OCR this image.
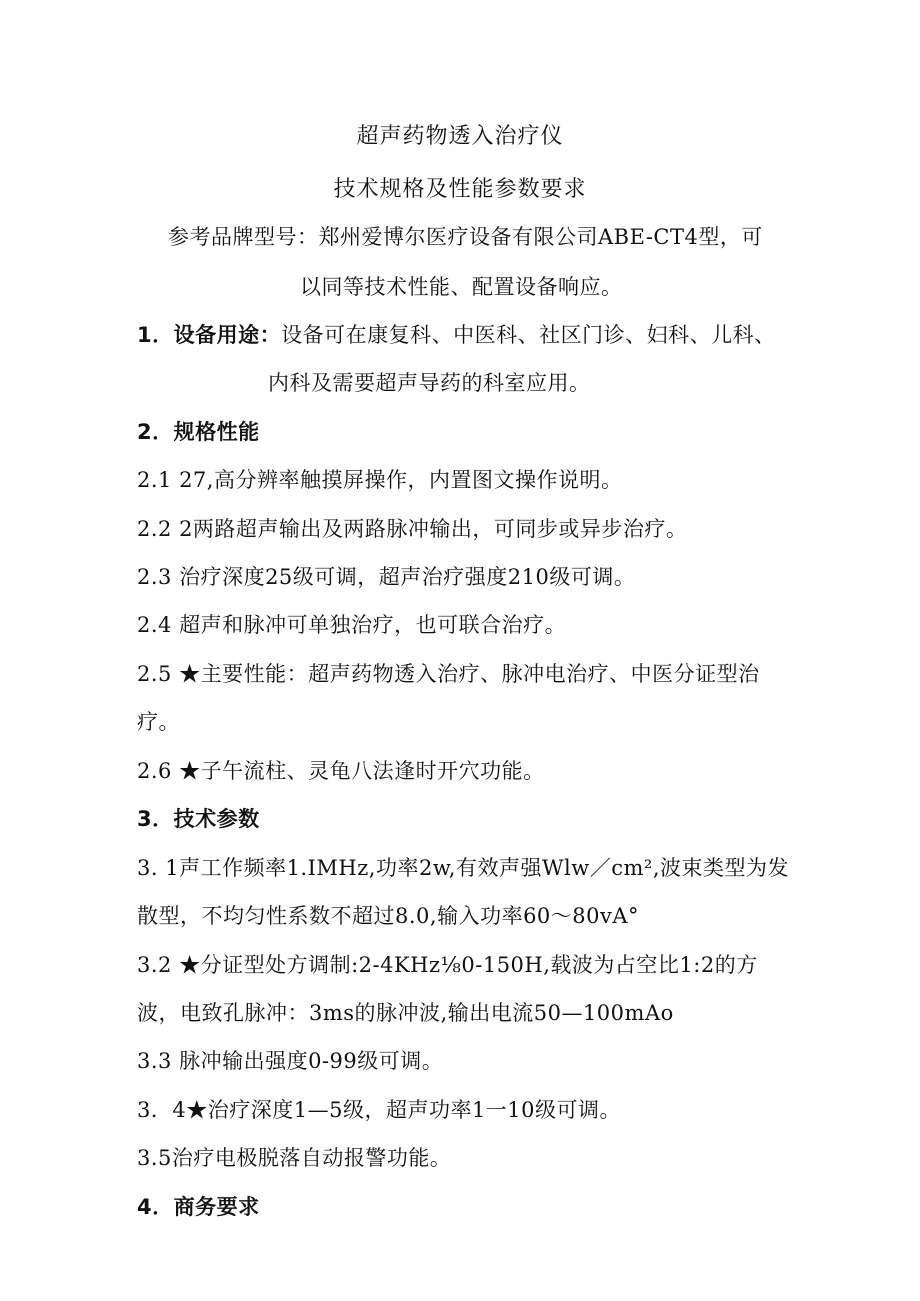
超声药物透入治疗仪
技术规格及性能参数要求
参考品牌型号：郑州爱博尔医疗设备有限公司ABE-CT4型，可
以同等技术性能、配置设备响应。
1．设备用途：设备可在康复科、中医科、社区门诊、妇科、儿科、
内科及需要超声导药的科室应用。
2．规格性能
2.1 27,高分辨率触摸屏操作，内置图文操作说明。
2.2 2两路超声输出及两路脉冲输出，可同步或异步治疗。
2.3 治疗深度25级可调，超声治疗强度210级可调。
2.4 超声和脉冲可单独治疗，也可联合治疗。
2.5 ★主要性能：超声药物透入治疗、脉冲电治疗、中医分证型治
疗。
2.6 ★子午流柱、灵龟八法逢时开穴功能。
3．技术参数
3. 1声工作频率1.IMHz,功率2w,有效声强Wlw／cm²,波束类型为发
散型，不均匀性系数不超过8.0,输入功率60～80vA°
3.2 ★分证型处方调制:2-4KHz⅛0-150H,载波为占空比1:2的方
波，电致孔脉冲：3ms的脉冲波,输出电流50—100mAo
3.3 脉冲输出强度0-99级可调。
3．4★治疗深度1—5级，超声功率1一10级可调。
3.5治疗电极脱落自动报警功能。
4．商务要求
